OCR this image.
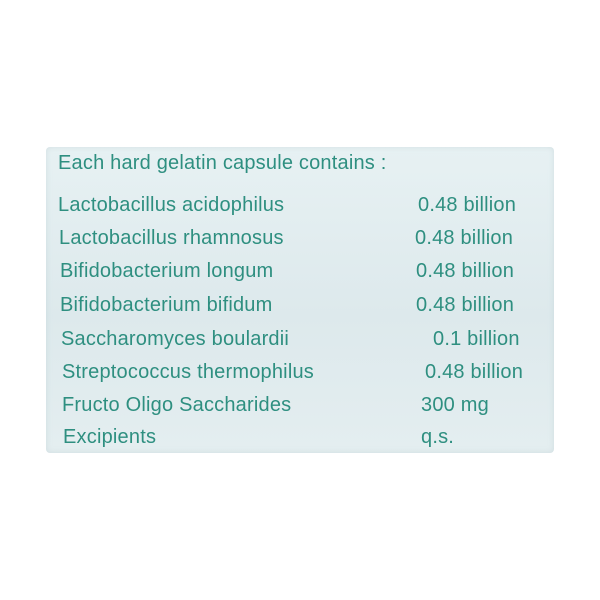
Each hard gelatin capsule contains :
Lactobacillus acidophilus	0.48 billion
Lactobacillus rhamnosus	0.48 billion
Bifidobacterium longum	0.48 billion
Bifidobacterium bifidum	0.48 billion
Saccharomyces boulardii	0.1 billion
Streptococcus thermophilus	0.48 billion
Fructo Oligo Saccharides	300 mg
Excipients	q.s.
